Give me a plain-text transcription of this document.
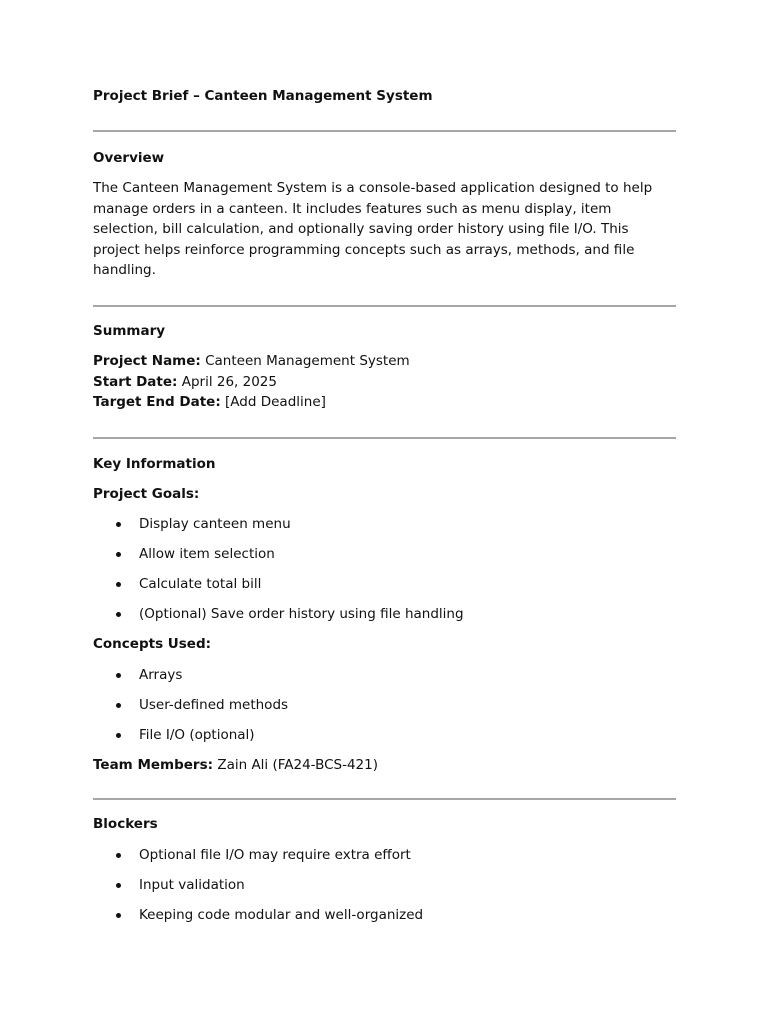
Project Brief – Canteen Management System

Overview

The Canteen Management System is a console-based application designed to help manage orders in a canteen. It includes features such as menu display, item selection, bill calculation, and optionally saving order history using file I/O. This project helps reinforce programming concepts such as arrays, methods, and file handling.

Summary

Project Name: Canteen Management System

Start Date: April 26, 2025

Target End Date: [Add Deadline]

Key Information

Project Goals:

Display canteen menu
Allow item selection
Calculate total bill
(Optional) Save order history using file handling

Concepts Used:

Arrays
User-defined methods
File I/O (optional)

Team Members: Zain Ali (FA24-BCS-421)

Blockers

Optional file I/O may require extra effort
Input validation
Keeping code modular and well-organized
